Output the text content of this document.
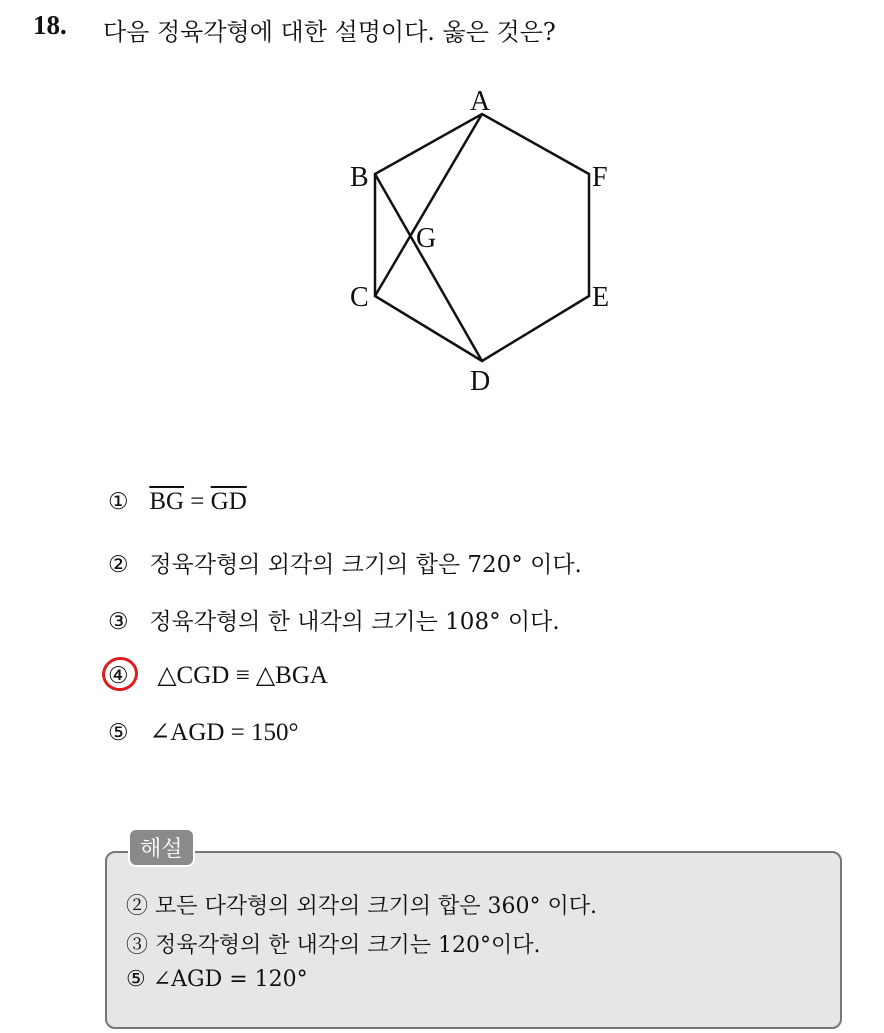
18. 다음 정육각형에 대한 설명이다. 옳은 것은?
A
B
C
D
E
F
G
① $\overline{BG} = \overline{GD}$
② 정육각형의 외각의 크기의 합은 720° 이다.
③ 정육각형의 한 내각의 크기는 108° 이다.
④ △CGD ≡ △BGA
⑤ ∠AGD = 150°
해설
② 모든 다각형의 외각의 크기의 합은 360° 이다.
③ 정육각형의 한 내각의 크기는 120°이다.
⑤ ∠AGD = 120°
